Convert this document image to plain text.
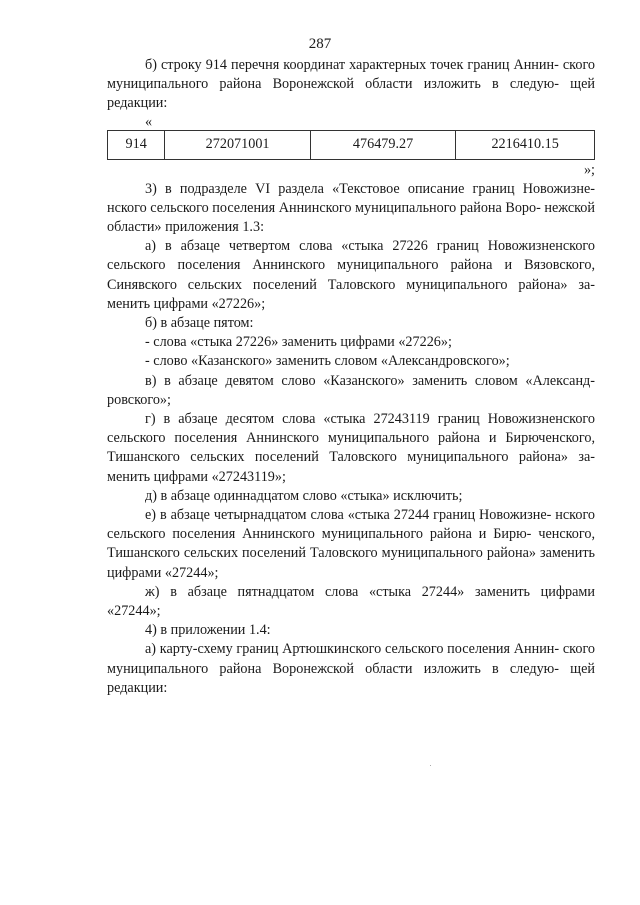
287

б) строку 914 перечня координат характерных точек границ Аннин- ского муниципального района Воронежской области изложить в следую- щей редакции:

«

914	272071001	476479.27	2216410.15

»;

3) в подразделе VI раздела «Текстовое описание границ Новожизне- нского сельского поселения Аннинского муниципального района Воро- нежской области» приложения 1.3:

а) в абзаце четвертом слова «стыка 27226 границ Новожизненского сельского поселения Аннинского муниципального района и Вязовского, Синявского сельских поселений Таловского муниципального района» за- менить цифрами «27226»;

б) в абзаце пятом:

- слова «стыка 27226» заменить цифрами «27226»;

- слово «Казанского» заменить словом «Александровского»;

в) в абзаце девятом слово «Казанского» заменить словом «Александ- ровского»;

г) в абзаце десятом слова «стыка 27243119 границ Новожизненского сельского поселения Аннинского муниципального района и Бирюченского, Тишанского сельских поселений Таловского муниципального района» за- менить цифрами «27243119»;

д) в абзаце одиннадцатом слово «стыка» исключить;

е) в абзаце четырнадцатом слова «стыка 27244 границ Новожизне- нского сельского поселения Аннинского муниципального района и Бирю- ченского, Тишанского сельских поселений Таловского муниципального района» заменить цифрами «27244»;

ж) в абзаце пятнадцатом слова «стыка 27244» заменить цифрами «27244»;

4) в приложении 1.4:

а) карту-схему границ Артюшкинского сельского поселения Аннин- ского муниципального района Воронежской области изложить в следую- щей редакции:
